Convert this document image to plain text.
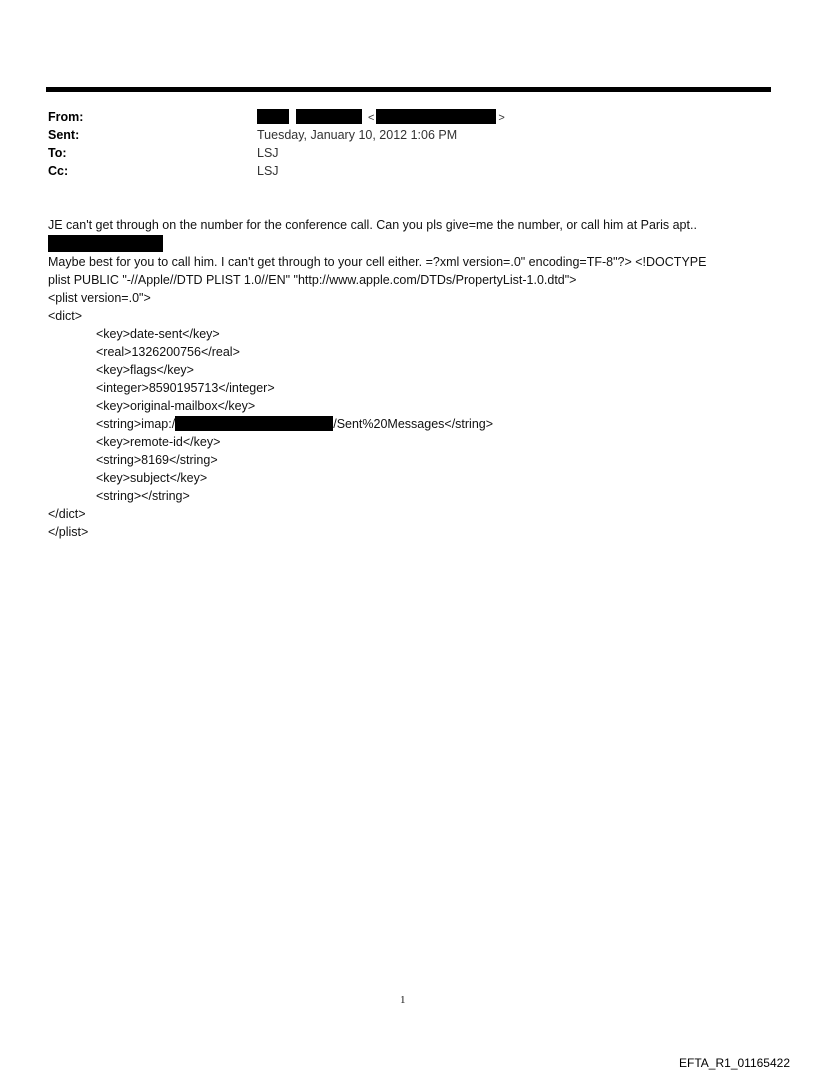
From:	<	>
Sent:	Tuesday, January 10, 2012 1:06 PM
To:	LSJ
Cc:	LSJ

JE can't get through on the number for the conference call. Can you pls give=me the number, or call him at Paris apt..

Maybe best for you to call him. I can't get through to your cell either. =?xml version=.0" encoding=TF-8"?> <!DOCTYPE

plist PUBLIC "-//Apple//DTD PLIST 1.0//EN" "http://www.apple.com/DTDs/PropertyList-1.0.dtd">

<plist version=.0">

<dict>

<key>date-sent</key>

<real>1326200756</real>

<key>flags</key>

<integer>8590195713</integer>

<key>original-mailbox</key>

<string>imap:/	/Sent%20Messages</string>

<key>remote-id</key>

<string>8169</string>

<key>subject</key>

<string></string>

</dict>

</plist>

1
EFTA_R1_01165422
